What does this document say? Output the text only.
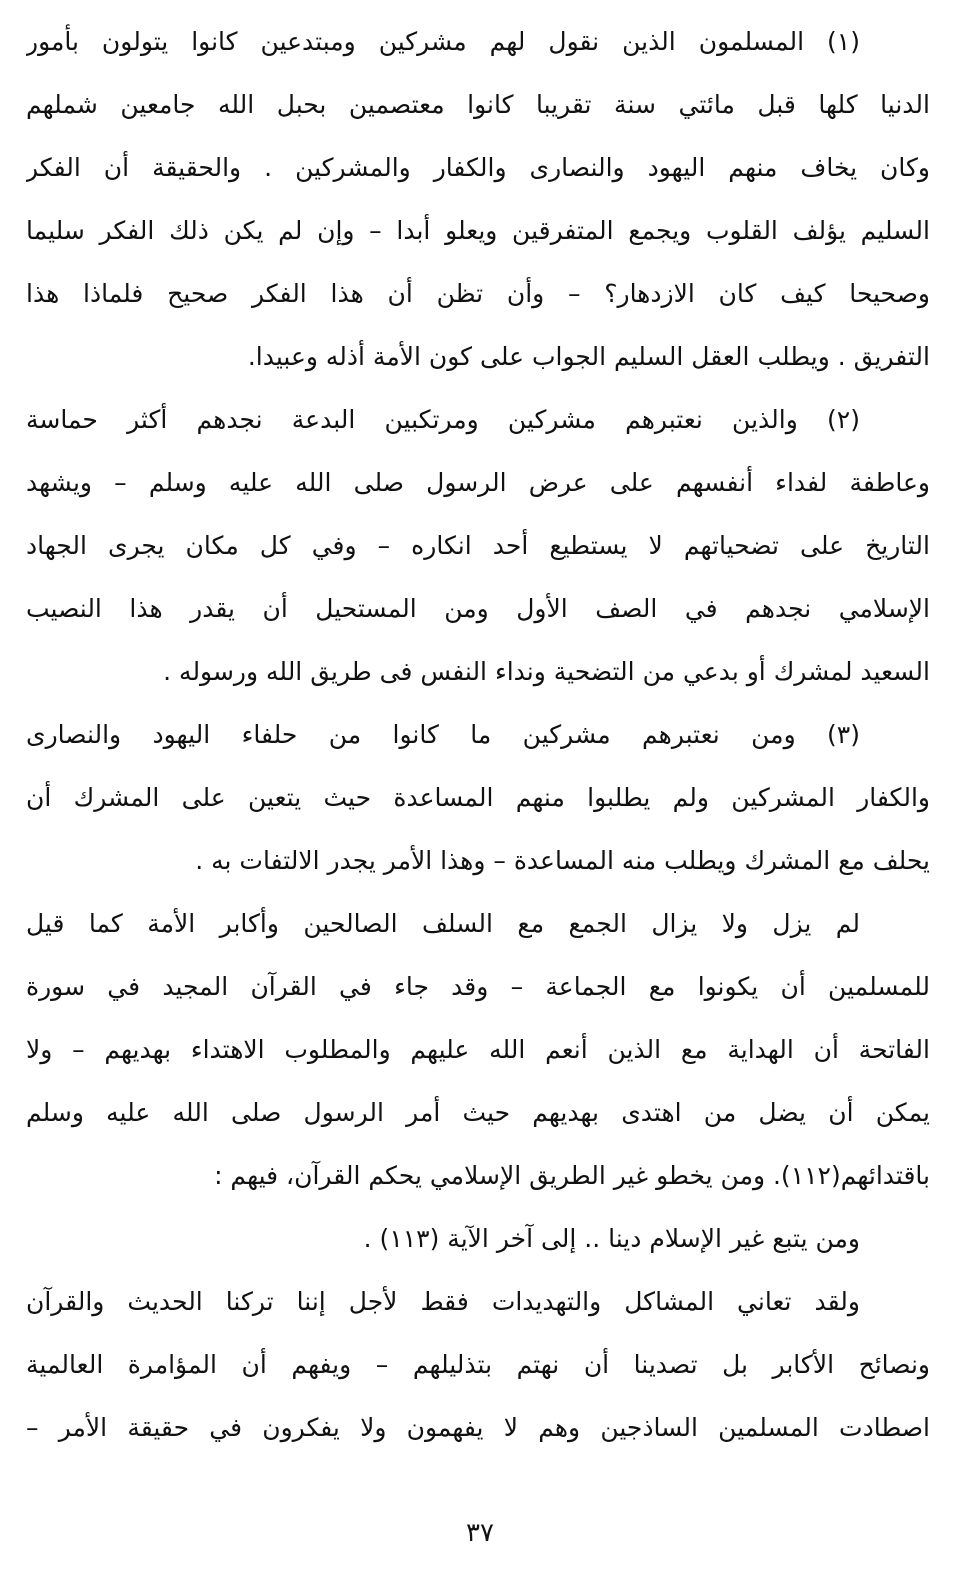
(١) المسلمون الذين نقول لهم مشركين ومبتدعين كانوا يتولون بأمور
الدنيا كلها قبل مائتي سنة تقريبا كانوا معتصمين بحبل الله جامعين شملهم
وكان يخاف منهم اليهود والنصارى والكفار والمشركين . والحقيقة أن الفكر
السليم يؤلف القلوب ويجمع المتفرقين ويعلو أبدا – وإن لم يكن ذلك الفكر سليما
وصحيحا كيف كان الازدهار؟ – وأن تظن أن هذا الفكر صحيح فلماذا هذا
التفريق . ويطلب العقل السليم الجواب على كون الأمة أذله وعبيدا.
(٢) والذين نعتبرهم مشركين ومرتكبين البدعة نجدهم أكثر حماسة
وعاطفة لفداء أنفسهم على عرض الرسول صلى الله عليه وسلم – ويشهد
التاريخ على تضحياتهم لا يستطيع أحد انكاره – وفي كل مكان يجرى الجهاد
الإسلامي نجدهم في الصف الأول ومن المستحيل أن يقدر هذا النصيب
السعيد لمشرك أو بدعي من التضحية ونداء النفس فى طريق الله ورسوله .
(٣) ومن نعتبرهم مشركين ما كانوا من حلفاء اليهود والنصارى
والكفار المشركين ولم يطلبوا منهم المساعدة حيث يتعين على المشرك أن
يحلف مع المشرك ويطلب منه المساعدة – وهذا الأمر يجدر الالتفات به .
لم يزل ولا يزال الجمع مع السلف الصالحين وأكابر الأمة كما قيل
للمسلمين أن يكونوا مع الجماعة – وقد جاء في القرآن المجيد في سورة
الفاتحة أن الهداية مع الذين أنعم الله عليهم والمطلوب الاهتداء بهديهم – ولا
يمكن أن يضل من اهتدى بهديهم حيث أمر الرسول صلى الله عليه وسلم
باقتدائهم(١١٢). ومن يخطو غير الطريق الإسلامي يحكم القرآن، فيهم :
ومن يتبع غير الإسلام دينا .. إلى آخر الآية (١١٣) .
ولقد تعاني المشاكل والتهديدات فقط لأجل إننا تركنا الحديث والقرآن
ونصائح الأكابر بل تصدينا أن نهتم بتذليلهم – ويفهم أن المؤامرة العالمية
اصطادت المسلمين الساذجين وهم لا يفهمون ولا يفكرون في حقيقة الأمر –
٣٧
